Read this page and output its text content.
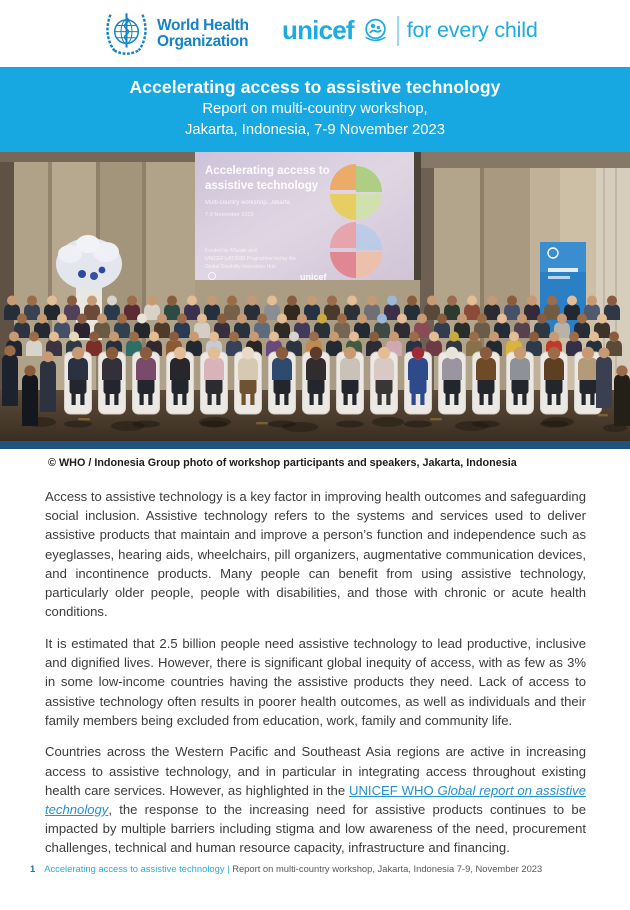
World Health
Organization unicef for every child
Accelerating access to assistive technology
Report on multi-country workshop,
Jakarta, Indonesia, 7-9 November 2023
Accelerating access to
assistive technology
Multi-country workshop, Jakarta
7-9 November 2023
Funded by ATscale and
UNICEF's AT2030 Programme led by the
Global Disability Innovation Hub
unicef
© WHO / Indonesia Group photo of workshop participants and speakers, Jakarta, Indonesia

Access to assistive technology is a key factor in improving health outcomes and safeguarding social inclusion. Assistive technology refers to the systems and services used to deliver assistive products that maintain and improve a person’s function and independence such as eyeglasses, hearing aids, wheelchairs, pill organizers, augmentative communication devices, and incontinence products. Many people can benefit from using assistive technology, particularly older people, people with disabilities, and those with chronic or acute health conditions.

It is estimated that 2.5 billion people need assistive technology to lead productive, inclusive and dignified lives. However, there is significant global inequity of access, with as few as 3% in some low-income countries having the assistive products they need. Lack of access to assistive technology often results in poorer health outcomes, as well as individuals and their family members being excluded from education, work, family and community life.

Countries across the Western Pacific and Southeast Asia regions are active in increasing access to assistive technology, and in particular in integrating access throughout existing health care services. However, as highlighted in the UNICEF WHO Global report on assistive technology, the response to the increasing need for assistive products continues to be impacted by multiple barriers including stigma and low awareness of the need, procurement challenges, technical and human resource capacity, infrastructure and financing.

1 Accelerating access to assistive technology | Report on multi-country workshop, Jakarta, Indonesia 7-9, November 2023
